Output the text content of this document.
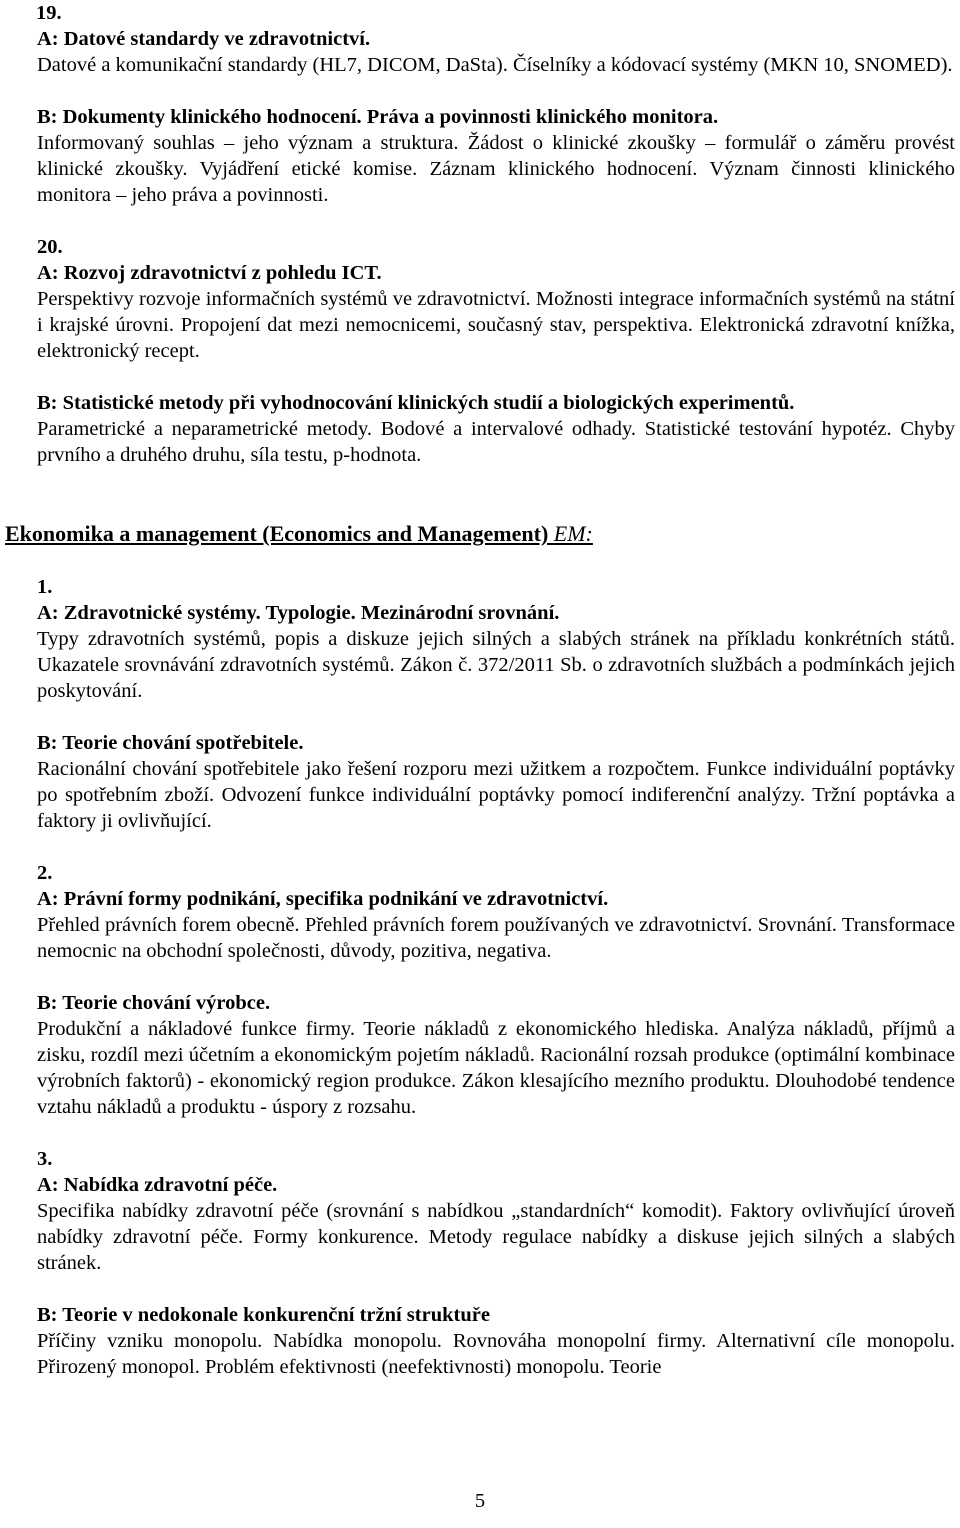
19.

A: Datové standardy ve zdravotnictví.

Datové a komunikační standardy (HL7, DICOM, DaSta). Číselníky a kódovací systémy (MKN 10, SNOMED).

B: Dokumenty klinického hodnocení. Práva a povinnosti klinického monitora.

Informovaný souhlas – jeho význam a struktura. Žádost o klinické zkoušky – formulář o záměru provést klinické zkoušky. Vyjádření etické komise. Záznam klinického hodnocení. Význam činnosti klinického monitora – jeho práva a povinnosti.

20.

A: Rozvoj zdravotnictví z pohledu ICT.

Perspektivy rozvoje informačních systémů ve zdravotnictví. Možnosti integrace informačních systémů na státní i krajské úrovni. Propojení dat mezi nemocnicemi, současný stav, perspektiva. Elektronická zdravotní knížka, elektronický recept.

B: Statistické metody při vyhodnocování klinických studií a biologických experimentů.

Parametrické a neparametrické metody. Bodové a intervalové odhady. Statistické testování hypotéz. Chyby prvního a druhého druhu, síla testu, p-hodnota.

Ekonomika a management (Economics and Management) EM:

1.

A: Zdravotnické systémy. Typologie. Mezinárodní srovnání.

Typy zdravotních systémů, popis a diskuze jejich silných a slabých stránek na příkladu konkrétních států. Ukazatele srovnávání zdravotních systémů. Zákon č. 372/2011 Sb. o zdravotních službách a podmínkách jejich poskytování.

B: Teorie chování spotřebitele.

Racionální chování spotřebitele jako řešení rozporu mezi užitkem a rozpočtem. Funkce individuální poptávky po spotřebním zboží. Odvození funkce individuální poptávky pomocí indiferenční analýzy. Tržní poptávka a faktory ji ovlivňující.

2.

A: Právní formy podnikání, specifika podnikání ve zdravotnictví.

Přehled právních forem obecně. Přehled právních forem používaných ve zdravotnictví. Srovnání. Transformace nemocnic na obchodní společnosti, důvody, pozitiva, negativa.

B: Teorie chování výrobce.

Produkční a nákladové funkce firmy. Teorie nákladů z ekonomického hlediska. Analýza nákladů, příjmů a zisku, rozdíl mezi účetním a ekonomickým pojetím nákladů. Racionální rozsah produkce (optimální kombinace výrobních faktorů) - ekonomický region produkce. Zákon klesajícího mezního produktu. Dlouhodobé tendence vztahu nákladů a produktu - úspory z rozsahu.

3.

A: Nabídka zdravotní péče.

Specifika nabídky zdravotní péče (srovnání s nabídkou „standardních“ komodit). Faktory ovlivňující úroveň nabídky zdravotní péče. Formy konkurence. Metody regulace nabídky a diskuse jejich silných a slabých stránek.

B: Teorie v nedokonale konkurenční tržní struktuře

Příčiny vzniku monopolu. Nabídka monopolu. Rovnováha monopolní firmy. Alternativní cíle monopolu. Přirozený monopol. Problém efektivnosti (neefektivnosti) monopolu. Teorie

5
